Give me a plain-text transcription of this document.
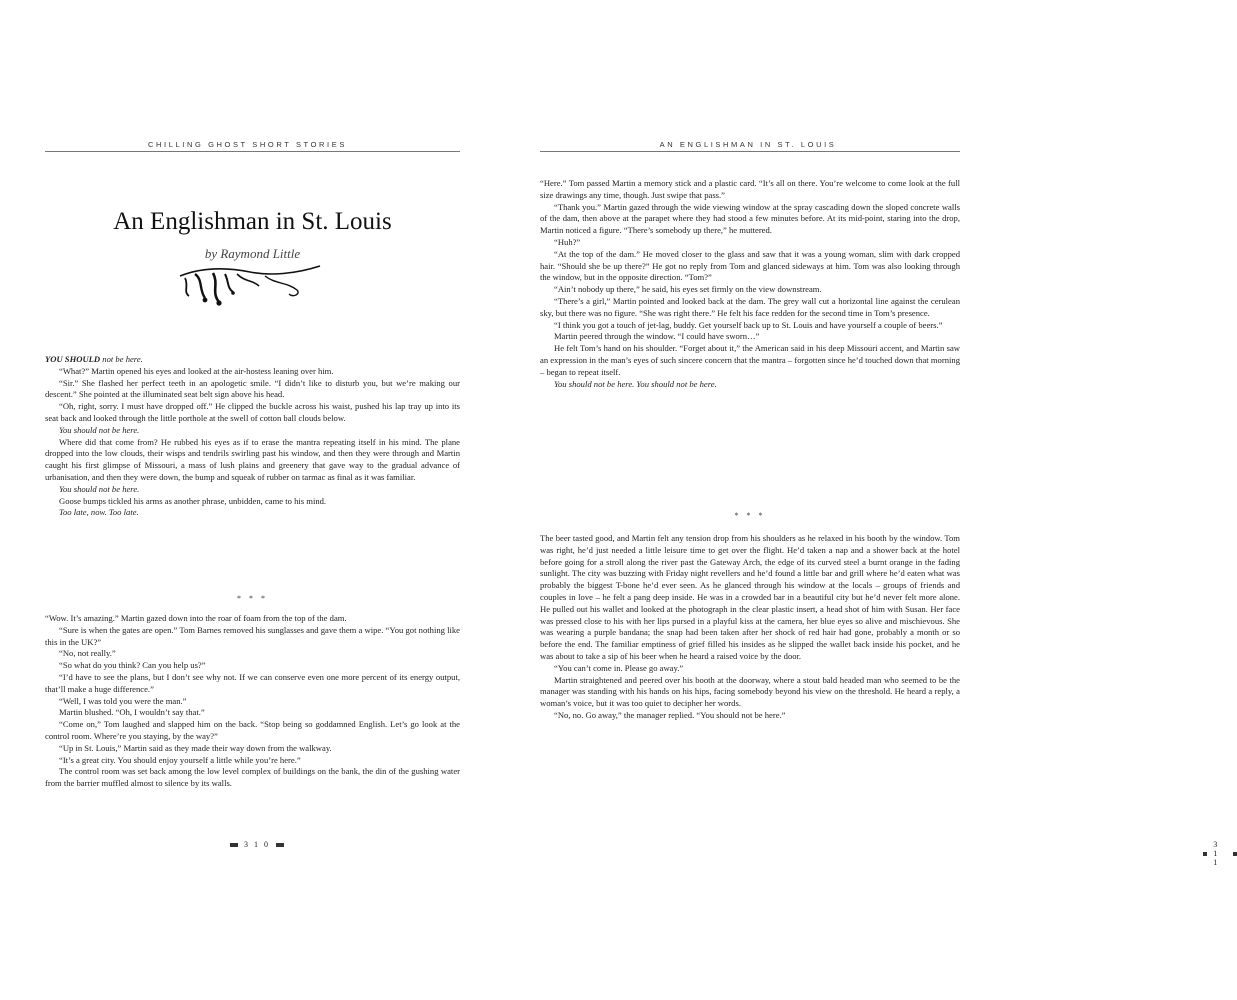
CHILLING GHOST SHORT STORIES
An Englishman in St. Louis
by Raymond Little

YOU SHOULD not be here.

“What?” Martin opened his eyes and looked at the air-hostess leaning over him.

“Sir.” She flashed her perfect teeth in an apologetic smile. “I didn’t like to disturb you, but we’re making our descent.” She pointed at the illuminated seat belt sign above his head.

“Oh, right, sorry. I must have dropped off.” He clipped the buckle across his waist, pushed his lap tray up into its seat back and looked through the little porthole at the swell of cotton ball clouds below.

You should not be here.

Where did that come from? He rubbed his eyes as if to erase the mantra repeating itself in his mind. The plane dropped into the low clouds, their wisps and tendrils swirling past his window, and then they were through and Martin caught his first glimpse of Missouri, a mass of lush plains and greenery that gave way to the gradual advance of urbanisation, and then they were down, the bump and squeak of rubber on tarmac as final as it was familiar.

You should not be here.

Goose bumps tickled his arms as another phrase, unbidden, came to his mind.

Too late, now. Too late.

* * *

“Wow. It’s amazing.” Martin gazed down into the roar of foam from the top of the dam.

“Sure is when the gates are open.” Tom Barnes removed his sunglasses and gave them a wipe. “You got nothing like this in the UK?”

“No, not really.”

“So what do you think? Can you help us?”

“I’d have to see the plans, but I don’t see why not. If we can conserve even one more percent of its energy output, that’ll make a huge difference.”

“Well, I was told you were the man.”

Martin blushed. “Oh, I wouldn’t say that.”

“Come on,” Tom laughed and slapped him on the back. “Stop being so goddamned English. Let’s go look at the control room. Where’re you staying, by the way?”

“Up in St. Louis,” Martin said as they made their way down from the walkway.

“It’s a great city. You should enjoy yourself a little while you’re here.”

The control room was set back among the low level complex of buildings on the bank, the din of the gushing water from the barrier muffled almost to silence by its walls.

3 1 0
AN ENGLISHMAN IN ST. LOUIS

“Here.” Tom passed Martin a memory stick and a plastic card. “It’s all on there. You’re welcome to come look at the full size drawings any time, though. Just swipe that pass.”

“Thank you.” Martin gazed through the wide viewing window at the spray cascading down the sloped concrete walls of the dam, then above at the parapet where they had stood a few minutes before. At its mid-point, staring into the drop, Martin noticed a figure. “There’s somebody up there,” he muttered.

“Huh?”

“At the top of the dam.” He moved closer to the glass and saw that it was a young woman, slim with dark cropped hair. “Should she be up there?” He got no reply from Tom and glanced sideways at him. Tom was also looking through the window, but in the opposite direction. “Tom?”

“Ain’t nobody up there,” he said, his eyes set firmly on the view downstream.

“There’s a girl,” Martin pointed and looked back at the dam. The grey wall cut a horizontal line against the cerulean sky, but there was no figure. “She was right there.” He felt his face redden for the second time in Tom’s presence.

“I think you got a touch of jet-lag, buddy. Get yourself back up to St. Louis and have yourself a couple of beers.”

Martin peered through the window. “I could have sworn…”

He felt Tom’s hand on his shoulder. “Forget about it,” the American said in his deep Missouri accent, and Martin saw an expression in the man’s eyes of such sincere concern that the mantra – forgotten since he’d touched down that morning – began to repeat itself.

You should not be here. You should not be here.

* * *

The beer tasted good, and Martin felt any tension drop from his shoulders as he relaxed in his booth by the window. Tom was right, he’d just needed a little leisure time to get over the flight. He’d taken a nap and a shower back at the hotel before going for a stroll along the river past the Gateway Arch, the edge of its curved steel a burnt orange in the fading sunlight. The city was buzzing with Friday night revellers and he’d found a little bar and grill where he’d eaten what was probably the biggest T-bone he’d ever seen. As he glanced through his window at the locals – groups of friends and couples in love – he felt a pang deep inside. He was in a crowded bar in a beautiful city but he’d never felt more alone. He pulled out his wallet and looked at the photograph in the clear plastic insert, a head shot of him with Susan. Her face was pressed close to his with her lips pursed in a playful kiss at the camera, her blue eyes so alive and mischievous. She was wearing a purple bandana; the snap had been taken after her shock of red hair had gone, probably a month or so before the end. The familiar emptiness of grief filled his insides as he slipped the wallet back inside his pocket, and he was about to take a sip of his beer when he heard a raised voice by the door.

“You can’t come in. Please go away.”

Martin straightened and peered over his booth at the doorway, where a stout bald headed man who seemed to be the manager was standing with his hands on his hips, facing somebody beyond his view on the threshold. He heard a reply, a woman’s voice, but it was too quiet to decipher her words.

“No, no. Go away,” the manager replied. “You should not be here.”

3 1 1
